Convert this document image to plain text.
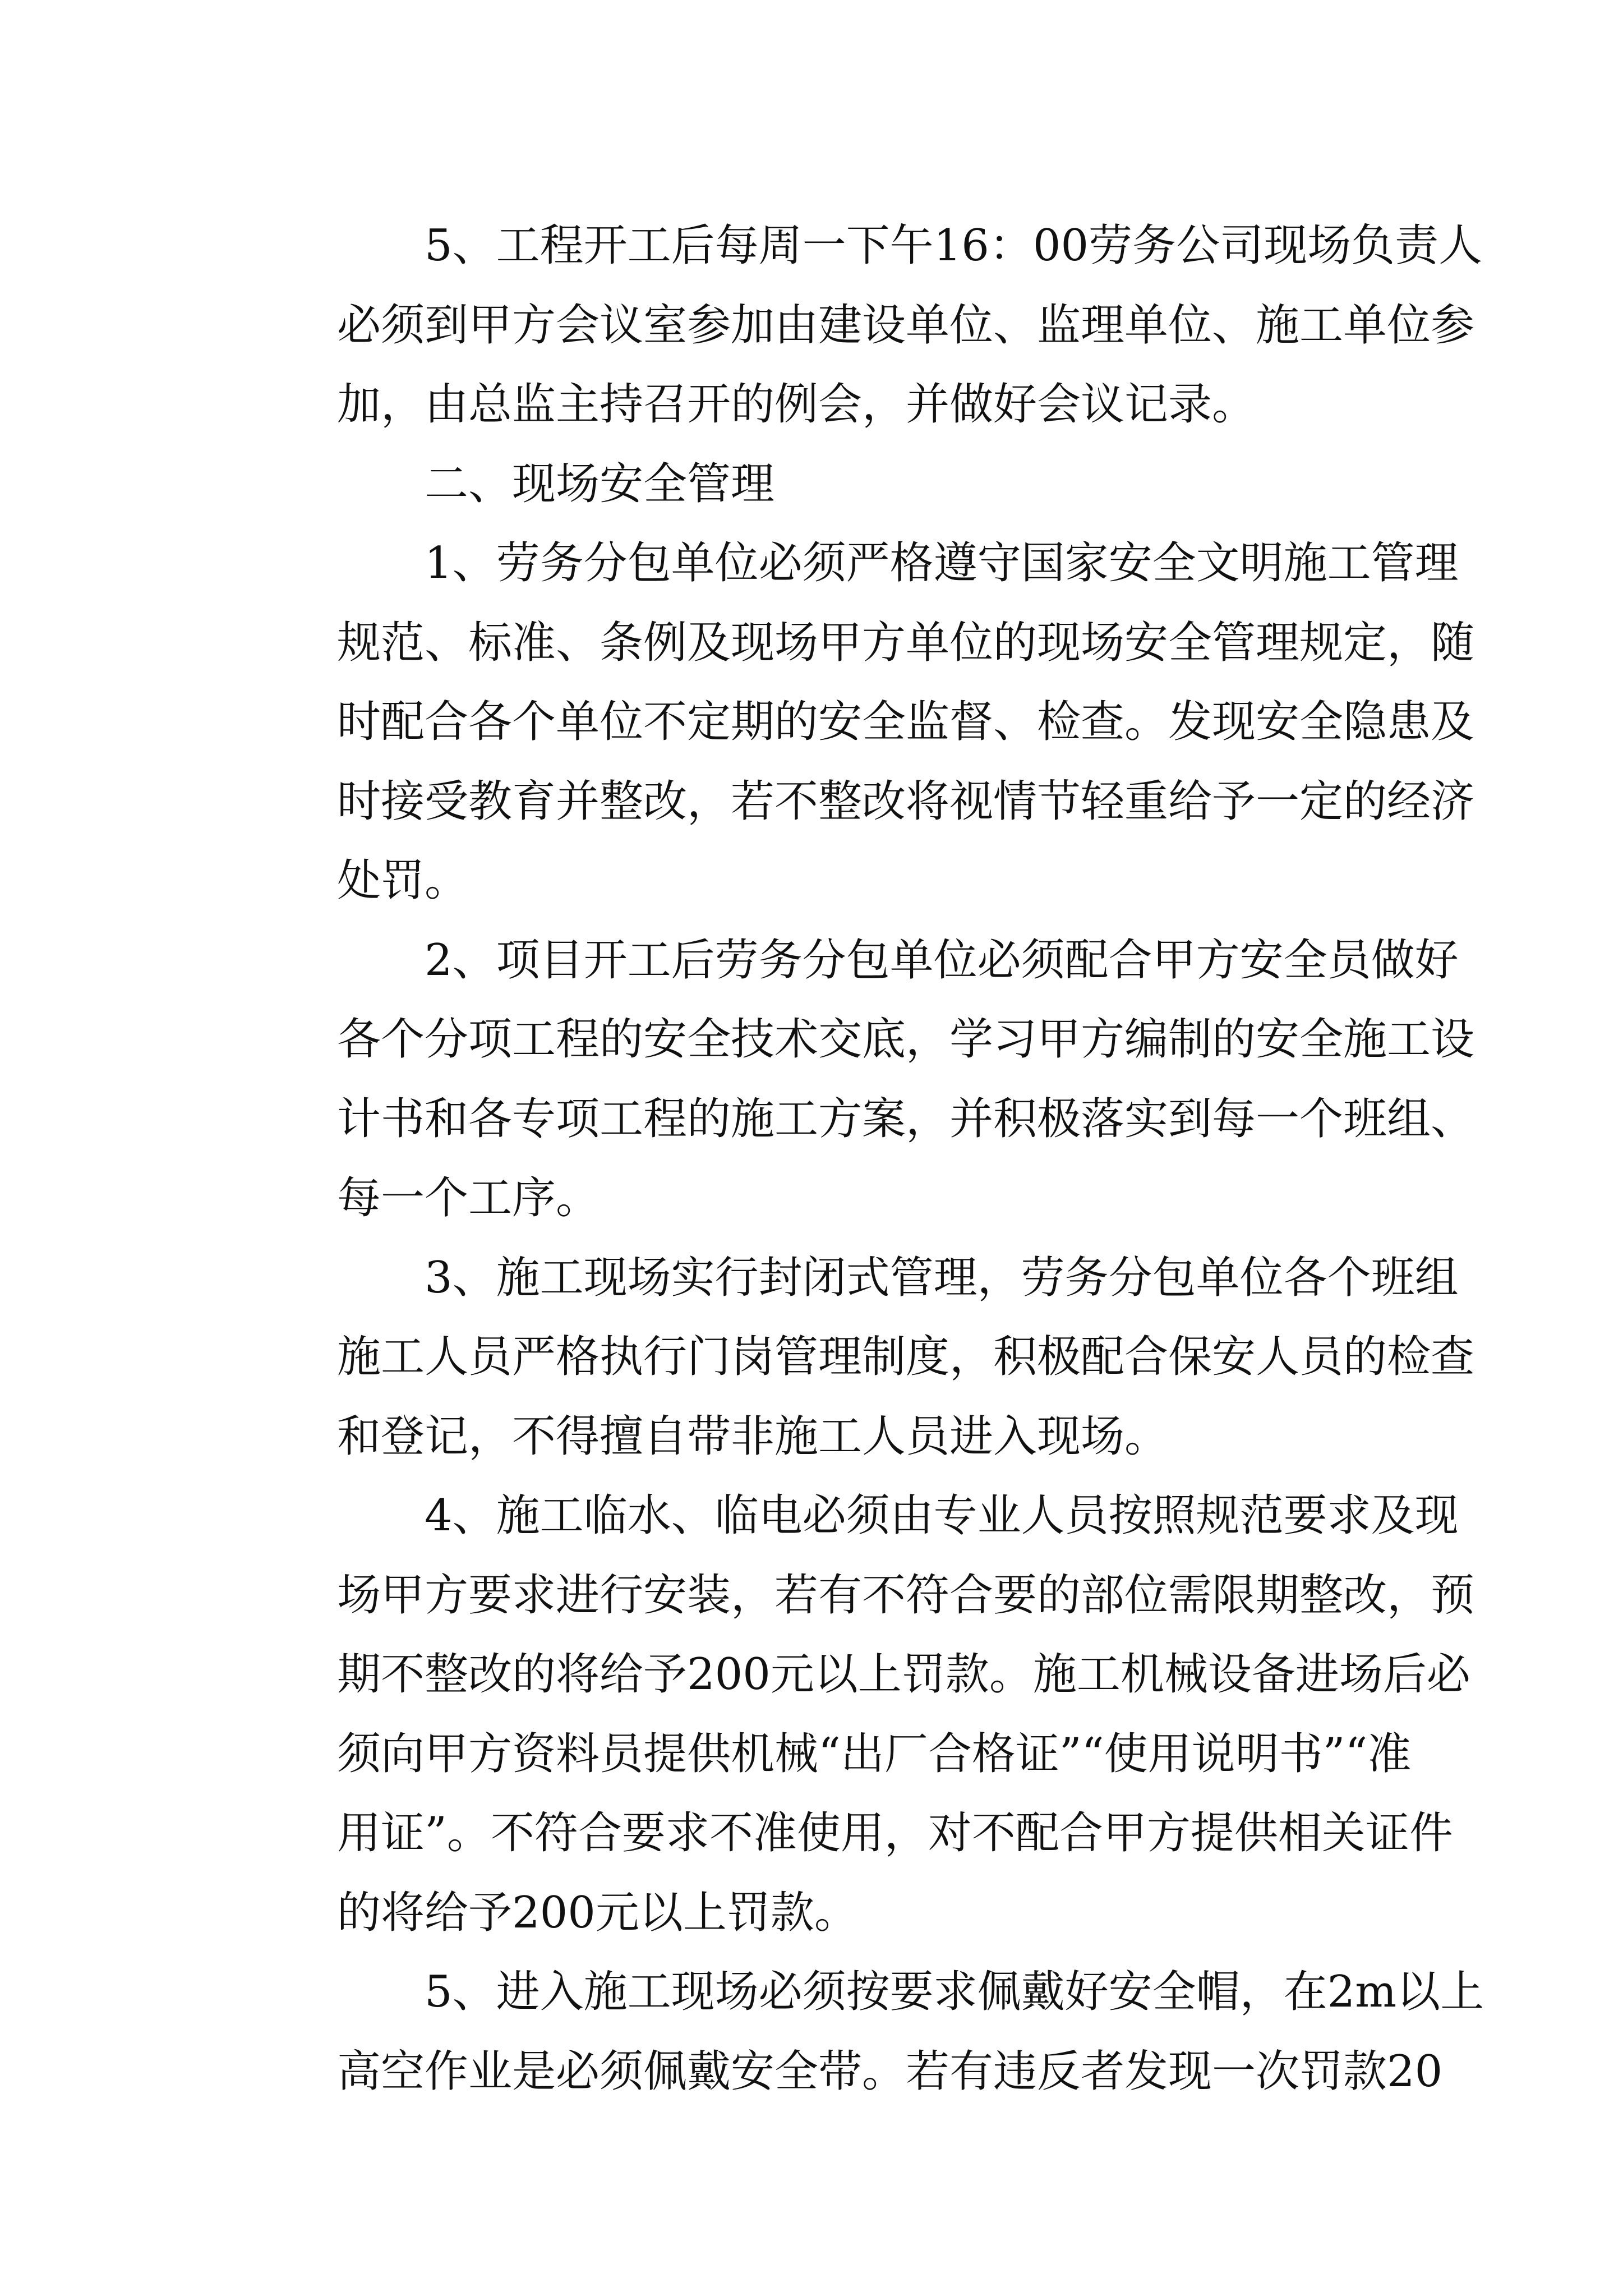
5、工程开工后每周一下午16：00劳务公司现场负责人
必须到甲方会议室参加由建设单位、监理单位、施工单位参
加，由总监主持召开的例会，并做好会议记录。
二、现场安全管理
1、劳务分包单位必须严格遵守国家安全文明施工管理
规范、标准、条例及现场甲方单位的现场安全管理规定，随
时配合各个单位不定期的安全监督、检查。发现安全隐患及
时接受教育并整改，若不整改将视情节轻重给予一定的经济
处罚。
2、项目开工后劳务分包单位必须配合甲方安全员做好
各个分项工程的安全技术交底，学习甲方编制的安全施工设
计书和各专项工程的施工方案，并积极落实到每一个班组、
每一个工序。
3、施工现场实行封闭式管理，劳务分包单位各个班组
施工人员严格执行门岗管理制度，积极配合保安人员的检查
和登记，不得擅自带非施工人员进入现场。
4、施工临水、临电必须由专业人员按照规范要求及现
场甲方要求进行安装，若有不符合要的部位需限期整改，预
期不整改的将给予200元以上罚款。施工机械设备进场后必
须向甲方资料员提供机械“出厂合格证”“使用说明书”“准
用证”。不符合要求不准使用，对不配合甲方提供相关证件
的将给予200元以上罚款。
5、进入施工现场必须按要求佩戴好安全帽，在2m以上
高空作业是必须佩戴安全带。若有违反者发现一次罚款20
